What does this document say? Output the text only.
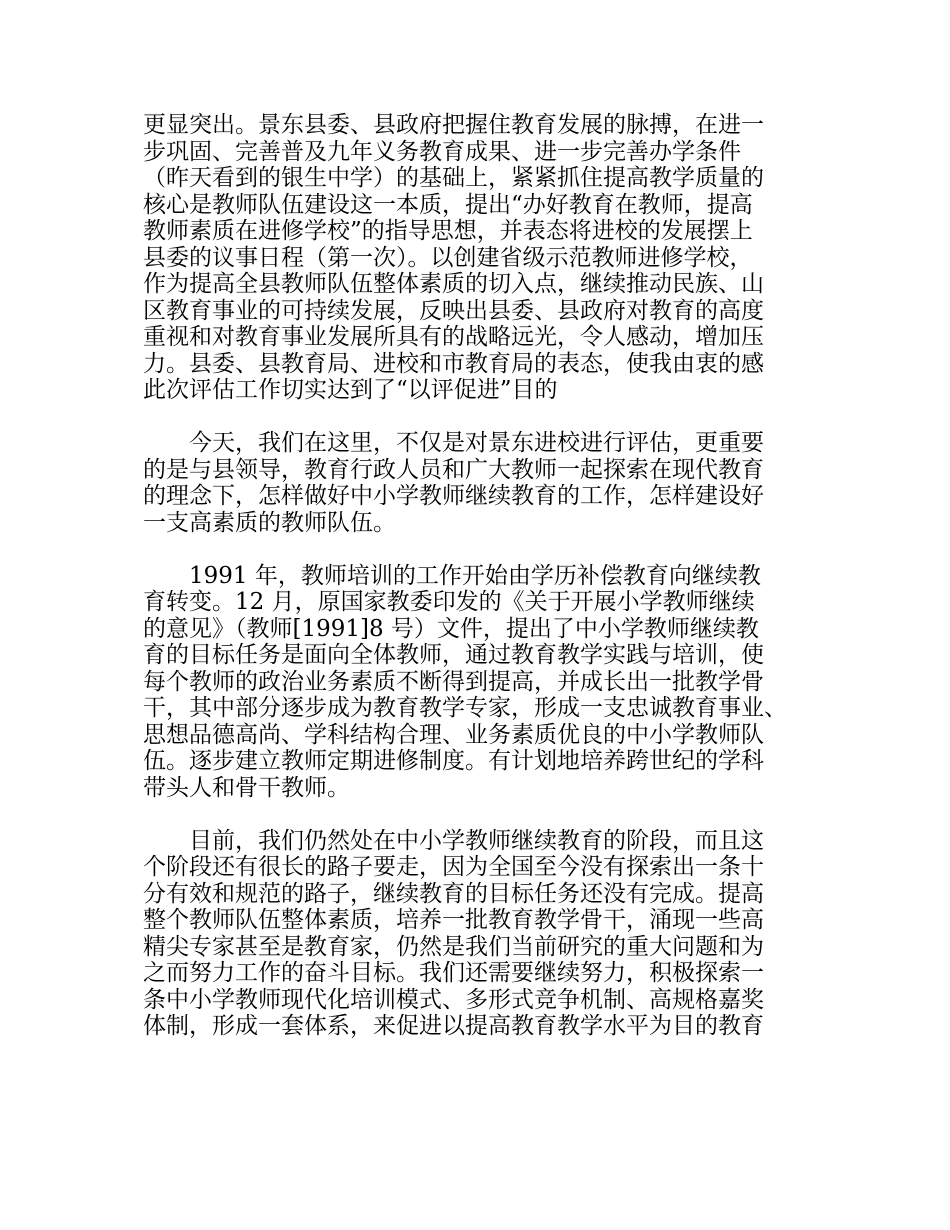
更显突出。景东县委、县政府把握住教育发展的脉搏，在进一
步巩固、完善普及九年义务教育成果、进一步完善办学条件
（昨天看到的银生中学）的基础上，紧紧抓住提高教学质量的
核心是教师队伍建设这一本质，提出“办好教育在教师，提高
教师素质在进修学校”的指导思想，并表态将进校的发展摆上
县委的议事日程（第一次）。以创建省级示范教师进修学校，
作为提高全县教师队伍整体素质的切入点，继续推动民族、山
区教育事业的可持续发展，反映出县委、县政府对教育的高度
重视和对教育事业发展所具有的战略远光，令人感动，增加压
力。县委、县教育局、进校和市教育局的表态，使我由衷的感
此次评估工作切实达到了“以评促进”目的
　　今天，我们在这里，不仅是对景东进校进行评估，更重要
的是与县领导，教育行政人员和广大教师一起探索在现代教育
的理念下，怎样做好中小学教师继续教育的工作，怎样建设好
一支高素质的教师队伍。
　　1991 年，教师培训的工作开始由学历补偿教育向继续教
育转变。12 月，原国家教委印发的《关于开展小学教师继续
的意见》（教师[1991]8 号）文件，提出了中小学教师继续教
育的目标任务是面向全体教师，通过教育教学实践与培训，使
每个教师的政治业务素质不断得到提高，并成长出一批教学骨
干，其中部分逐步成为教育教学专家，形成一支忠诚教育事业、
思想品德高尚、学科结构合理、业务素质优良的中小学教师队
伍。逐步建立教师定期进修制度。有计划地培养跨世纪的学科
带头人和骨干教师。
　　目前，我们仍然处在中小学教师继续教育的阶段，而且这
个阶段还有很长的路子要走，因为全国至今没有探索出一条十
分有效和规范的路子，继续教育的目标任务还没有完成。提高
整个教师队伍整体素质，培养一批教育教学骨干，涌现一些高
精尖专家甚至是教育家，仍然是我们当前研究的重大问题和为
之而努力工作的奋斗目标。我们还需要继续努力，积极探索一
条中小学教师现代化培训模式、多形式竞争机制、高规格嘉奖
体制，形成一套体系，来促进以提高教育教学水平为目的教育
